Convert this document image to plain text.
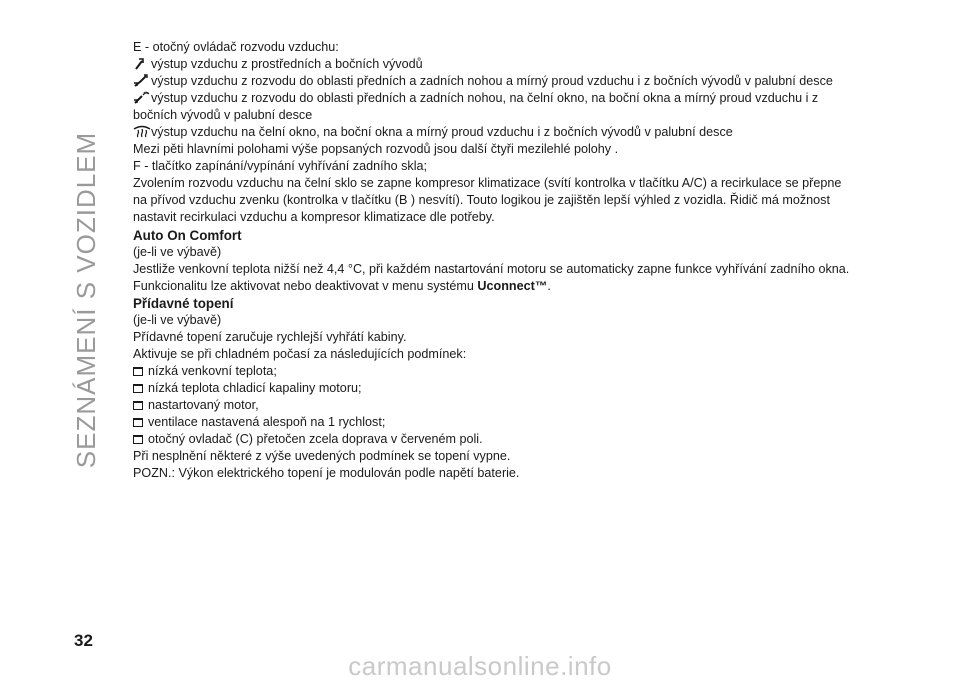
SEZNÁMENÍ S VOZIDLEM
E - otočný ovládač rozvodu vzduchu:
výstup vzduchu z prostředních a bočních vývodů
výstup vzduchu z rozvodu do oblasti předních a zadních nohou a mírný proud vzduchu i z bočních vývodů v palubní desce
výstup vzduchu z rozvodu do oblasti předních a zadních nohou, na čelní okno, na boční okna a mírný proud vzduchu i z
bočních vývodů v palubní desce
výstup vzduchu na čelní okno, na boční okna a mírný proud vzduchu i z bočních vývodů v palubní desce
Mezi pěti hlavními polohami výše popsaných rozvodů jsou další čtyři mezilehlé polohy .
F - tlačítko zapínání/vypínání vyhřívání zadního skla;
Zvolením rozvodu vzduchu na čelní sklo se zapne kompresor klimatizace (svítí kontrolka v tlačítku A/C) a recirkulace se přepne
na přívod vzduchu zvenku (kontrolka v tlačítku (B ) nesvítí). Touto logikou je zajištěn lepší výhled z vozidla. Řidič má možnost
nastavit recirkulaci vzduchu a kompresor klimatizace dle potřeby.
Auto On Comfort
(je-li ve výbavě)
Jestliže venkovní teplota nižší než 4,4 °C, při každém nastartování motoru se automaticky zapne funkce vyhřívání zadního okna.
Funkcionalitu lze aktivovat nebo deaktivovat v menu systému Uconnect™.
Přídavné topení
(je-li ve výbavě)
Přídavné topení zaručuje rychlejší vyhřátí kabiny.
Aktivuje se při chladném počasí za následujících podmínek:
nízká venkovní teplota;
nízká teplota chladicí kapaliny motoru;
nastartovaný motor,
ventilace nastavená alespoň na 1 rychlost;
otočný ovladač (C) přetočen zcela doprava v červeném poli.
Při nesplnění některé z výše uvedených podmínek se topení vypne.
POZN.: Výkon elektrického topení je modulován podle napětí baterie.
32
carmanualsonline.info
